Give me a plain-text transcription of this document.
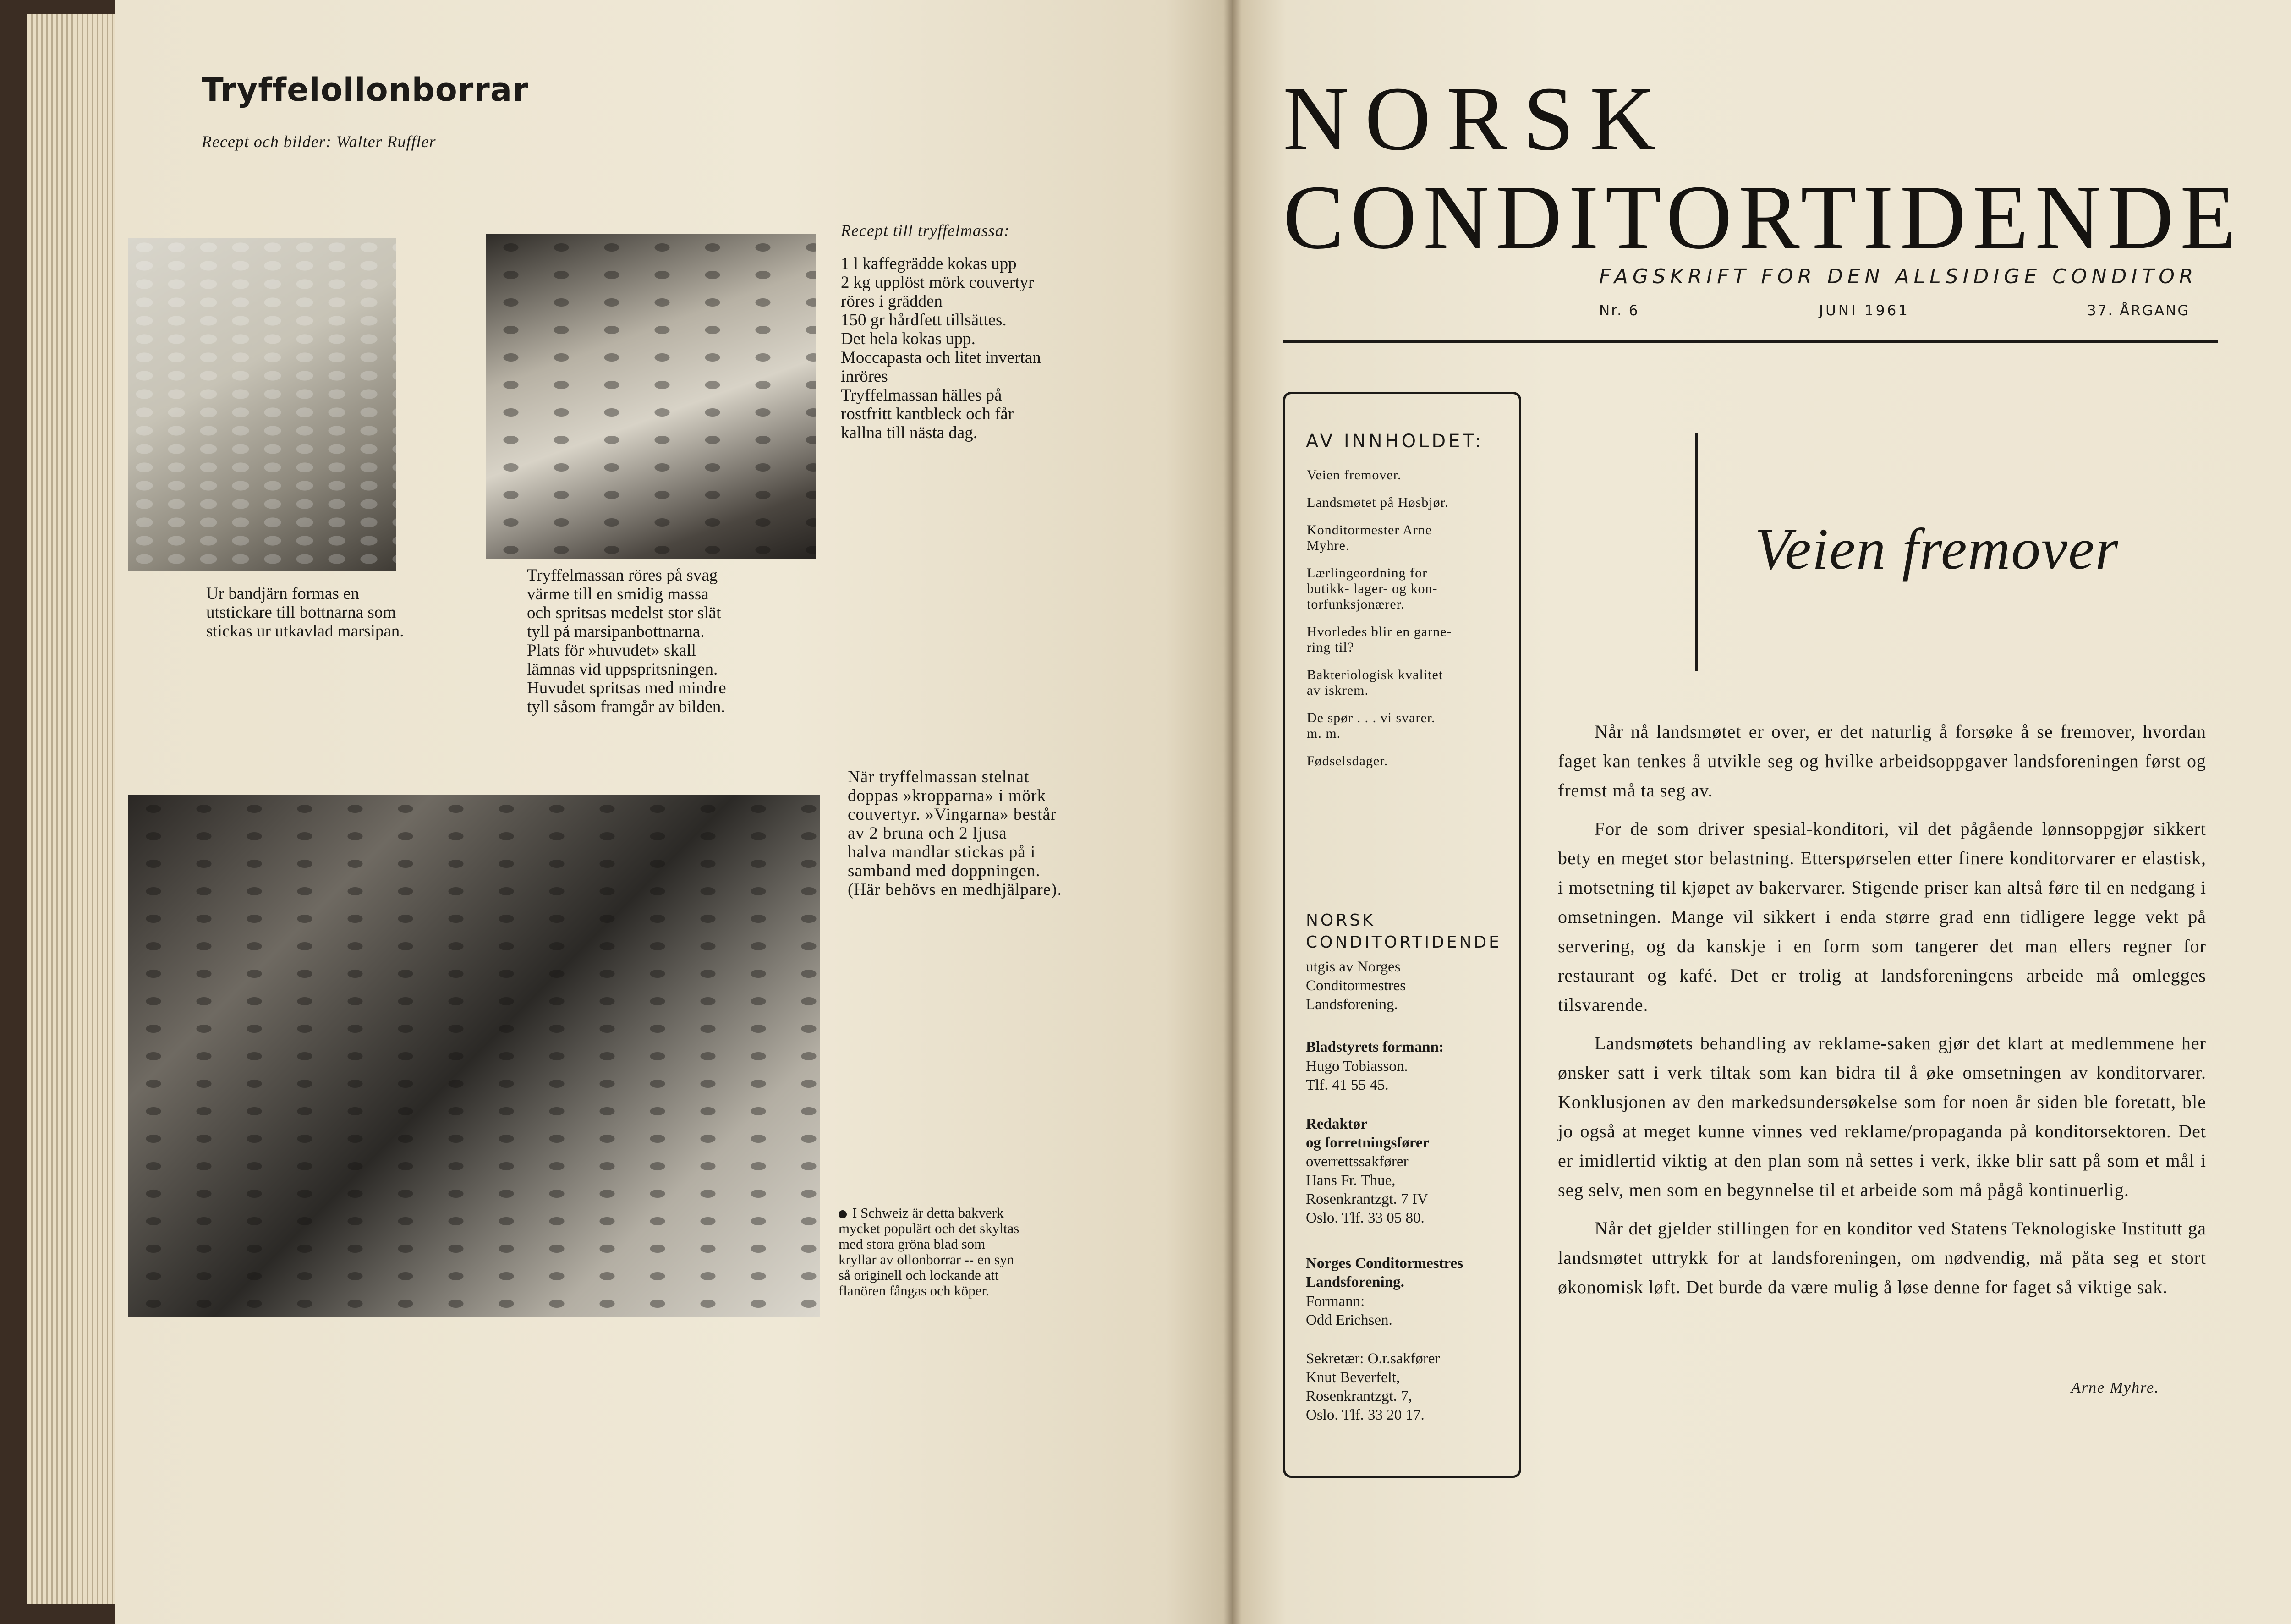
Tryffelollonborrar
Recept och bilder: Walter Ruffler
Ur bandjärn formas en
utstickare till bottnarna som
stickas ur utkavlad marsipan.
Tryffelmassan röres på svag
värme till en smidig massa
och spritsas medelst stor slät
tyll på marsipanbottnarna.
Plats för »huvudet» skall
lämnas vid uppspritsningen.
Huvudet spritsas med mindre
tyll såsom framgår av bilden.
Recept till tryffelmassa:
1 l kaffegrädde kokas upp
2 kg upplöst mörk couvertyr
röres i grädden
150 gr hårdfett tillsättes.
Det hela kokas upp.
Moccapasta och litet invertan
inröres
Tryffelmassan hälles på
rostfritt kantbleck och får
kallna till nästa dag.
När tryffelmassan stelnat
doppas »kropparna» i mörk
couvertyr. »Vingarna» består
av 2 bruna och 2 ljusa
halva mandlar stickas på i
samband med doppningen.
(Här behövs en medhjälpare).
I Schweiz är detta bakverk
mycket populärt och det skyltas
med stora gröna blad som
kryllar av ollonborrar -- en syn
så originell och lockande att
flanören fångas och köper.
NORSK
CONDITORTIDENDE
FAGSKRIFT FOR DEN ALLSIDIGE CONDITOR
Nr. 6	JUNI 1961	37. ÅRGANG
AV INNHOLDET:
Veien fremover.
Landsmøtet på Høsbjør.
Konditormester Arne
Myhre.
Lærlingeordning for
butikk- lager- og kon-
torfunksjonærer.
Hvorledes blir en garne-
ring til?
Bakteriologisk kvalitet
av iskrem.
De spør . . . vi svarer.
m. m.
Fødselsdager.
NORSK
CONDITORTIDENDE
utgis av Norges
Conditormestres
Landsforening.
Bladstyrets formann:
Hugo Tobiasson.
Tlf. 41 55 45.
Redaktør
og forretningsfører
overrettssakfører
Hans Fr. Thue,
Rosenkrantzgt. 7 IV
Oslo. Tlf. 33 05 80.
Norges Conditormestres
Landsforening.
Formann:
Odd Erichsen.
Sekretær: O.r.sakfører
Knut Beverfelt,
Rosenkrantzgt. 7,
Oslo. Tlf. 33 20 17.
Veien fremover

Når nå landsmøtet er over, er det naturlig å forsøke å se fremover, hvordan faget kan tenkes å utvikle seg og hvilke arbeidsoppgaver landsforeningen først og fremst må ta seg av.

For de som driver spesial-konditori, vil det pågående lønnsoppgjør sikkert bety en meget stor belastning. Etterspørselen etter finere konditorvarer er elastisk, i motsetning til kjøpet av bakervarer. Stigende priser kan altså føre til en nedgang i omsetningen. Mange vil sikkert i enda større grad enn tidligere legge vekt på servering, og da kanskje i en form som tangerer det man ellers regner for restaurant og kafé. Det er trolig at landsforeningens arbeide må omlegges tilsvarende.

Landsmøtets behandling av reklame-saken gjør det klart at medlemmene her ønsker satt i verk tiltak som kan bidra til å øke omsetningen av konditorvarer. Konklusjonen av den markedsundersøkelse som for noen år siden ble foretatt, ble jo også at meget kunne vinnes ved reklame/propaganda på konditorsektoren. Det er imidlertid viktig at den plan som nå settes i verk, ikke blir satt på som et mål i seg selv, men som en begynnelse til et arbeide som må pågå kontinuerlig.

Når det gjelder stillingen for en konditor ved Statens Teknologiske Institutt ga landsmøtet uttrykk for at landsforeningen, om nødvendig, må påta seg et stort økonomisk løft. Det burde da være mulig å løse denne for faget så viktige sak.

Arne Myhre.
